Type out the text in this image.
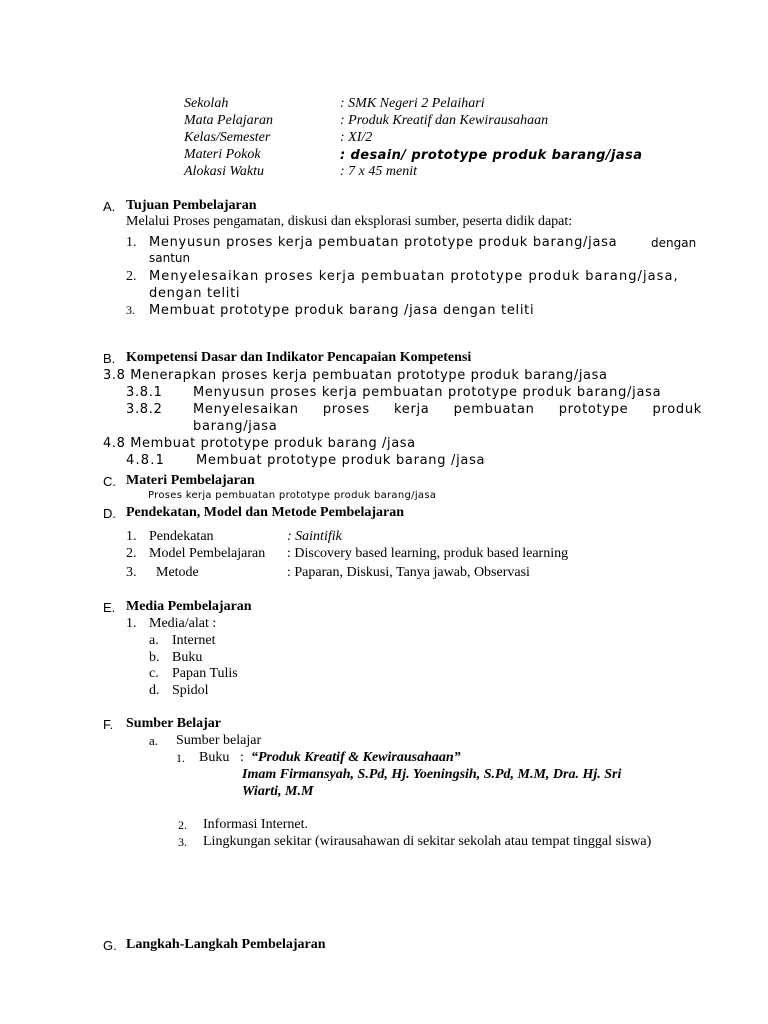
Sekolah	: SMK Negeri 2 Pelaihari
Mata Pelajaran	: Produk Kreatif dan Kewirausahaan
Kelas/Semester	: XI/2
Materi Pokok	: desain/ prototype produk barang/jasa
Alokasi Waktu	: 7 x 45 menit
A. Tujuan Pembelajaran
Melalui Proses pengamatan, diskusi dan eksplorasi sumber, peserta didik dapat:
1. Menyusun proses kerja pembuatan prototype produk barang/jasa	dengan
santun
2. Menyelesaikan proses kerja pembuatan prototype produk barang/jasa,
dengan teliti
3. Membuat prototype produk barang /jasa dengan teliti
B. Kompetensi Dasar dan Indikator Pencapaian Kompetensi
3.8 Menerapkan proses kerja pembuatan prototype produk barang/jasa
3.8.1 Menyusun proses kerja pembuatan prototype produk barang/jasa
3.8.2 Menyelesaikan proses kerja pembuatan prototype produk
barang/jasa
4.8 Membuat prototype produk barang /jasa
4.8.1 Membuat prototype produk barang /jasa
C. Materi Pembelajaran
Proses kerja pembuatan prototype produk barang/jasa
D. Pendekatan, Model dan Metode Pembelajaran
1. Pendekatan	: Saintifik
2. Model Pembelajaran : Discovery based learning, produk based learning
3. Metode	: Paparan, Diskusi, Tanya jawab, Observasi
E. Media Pembelajaran
1. Media/alat :
a. Internet
b. Buku
c. Papan Tulis
d. Spidol
F. Sumber Belajar
a. Sumber belajar
1. Buku : “Produk Kreatif & Kewirausahaan”
Imam Firmansyah, S.Pd, Hj. Yoeningsih, S.Pd, M.M, Dra. Hj. Sri
Wiarti, M.M
2. Informasi Internet.
3. Lingkungan sekitar (wirausahawan di sekitar sekolah atau tempat tinggal siswa)
G. Langkah-Langkah Pembelajaran
